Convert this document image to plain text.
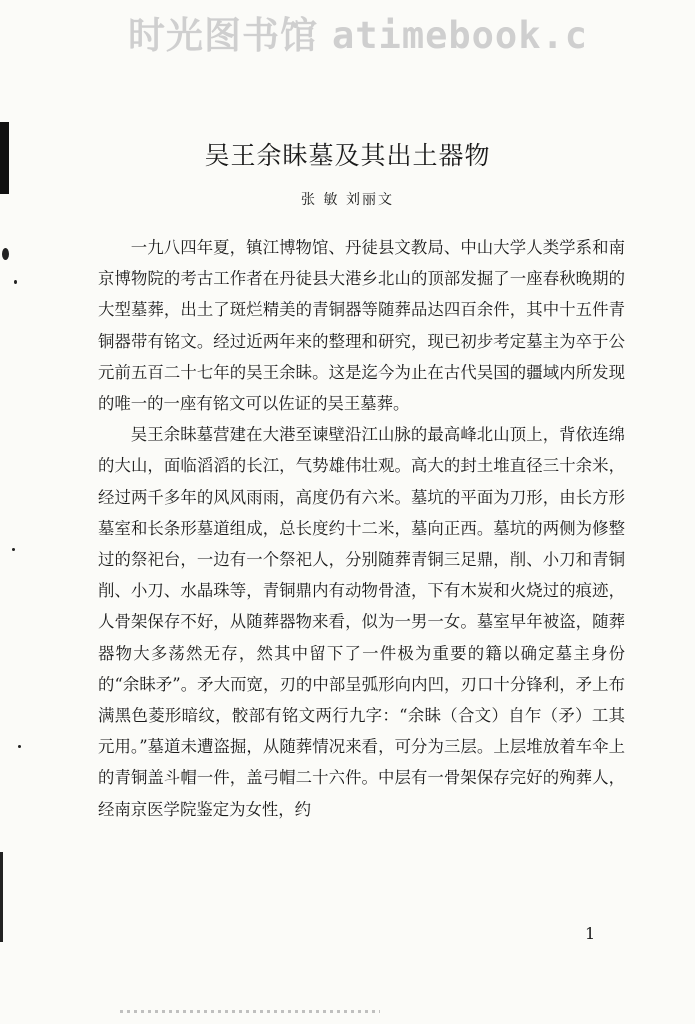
时光图书馆 atimebook.c
吴王余眛墓及其出土器物
张 敏 刘丽文

一九八四年夏，镇江博物馆、丹徒县文教局、中山大学人类学系和南京博物院的考古工作者在丹徒县大港乡北山的顶部发掘了一座春秋晚期的大型墓葬，出土了斑烂精美的青铜器等随葬品达四百余件，其中十五件青铜器带有铭文。经过近两年来的整理和研究，现已初步考定墓主为卒于公元前五百二十七年的吴王余眛。这是迄今为止在古代吴国的疆域内所发现的唯一的一座有铭文可以佐证的吴王墓葬。

吴王余眛墓营建在大港至谏壁沿江山脉的最高峰北山顶上，背依连绵的大山，面临滔滔的长江，气势雄伟壮观。高大的封土堆直径三十余米，经过两千多年的风风雨雨，高度仍有六米。墓坑的平面为刀形，由长方形墓室和长条形墓道组成，总长度约十二米，墓向正西。墓坑的两侧为修整过的祭祀台，一边有一个祭祀人，分别随葬青铜三足鼎，削、小刀和青铜削、小刀、水晶珠等，青铜鼎内有动物骨渣，下有木炭和火烧过的痕迹，人骨架保存不好，从随葬器物来看，似为一男一女。墓室早年被盗，随葬器物大多荡然无存，然其中留下了一件极为重要的籍以确定墓主身份的“余眛矛”。矛大而宽，刃的中部呈弧形向内凹，刃口十分锋利，矛上布满黑色菱形暗纹，骹部有铭文两行九字：“余眛（合文）自乍（矛）工其元用。”墓道未遭盗掘，从随葬情况来看，可分为三层。上层堆放着车伞上的青铜盖斗帽一件，盖弓帽二十六件。中层有一骨架保存完好的殉葬人，经南京医学院鉴定为女性，约

1
